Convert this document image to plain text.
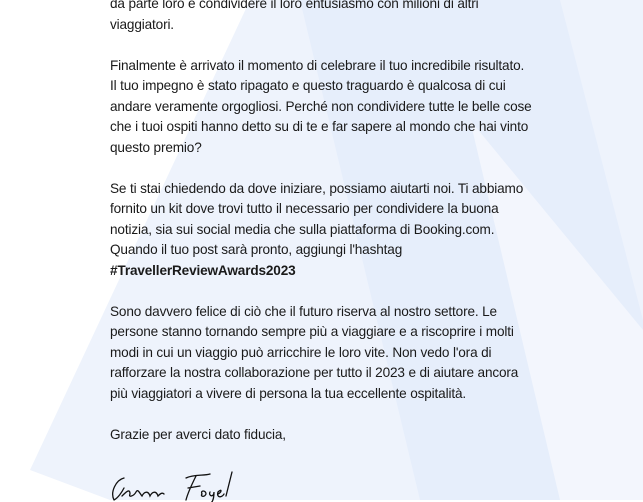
da parte loro e condividere il loro entusiasmo con milioni di altri
viaggiatori.

Finalmente è arrivato il momento di celebrare il tuo incredibile risultato.
Il tuo impegno è stato ripagato e questo traguardo è qualcosa di cui
andare veramente orgogliosi. Perché non condividere tutte le belle cose
che i tuoi ospiti hanno detto su di te e far sapere al mondo che hai vinto
questo premio?

Se ti stai chiedendo da dove iniziare, possiamo aiutarti noi. Ti abbiamo
fornito un kit dove trovi tutto il necessario per condividere la buona
notizia, sia sui social media che sulla piattaforma di Booking.com.
Quando il tuo post sarà pronto, aggiungi l'hashtag
#TravellerReviewAwards2023

Sono davvero felice di ciò che il futuro riserva al nostro settore. Le
persone stanno tornando sempre più a viaggiare e a riscoprire i molti
modi in cui un viaggio può arricchire le loro vite. Non vedo l'ora di
rafforzare la nostra collaborazione per tutto il 2023 e di aiutare ancora
più viaggiatori a vivere di persona la tua eccellente ospitalità.

Grazie per averci dato fiducia,
